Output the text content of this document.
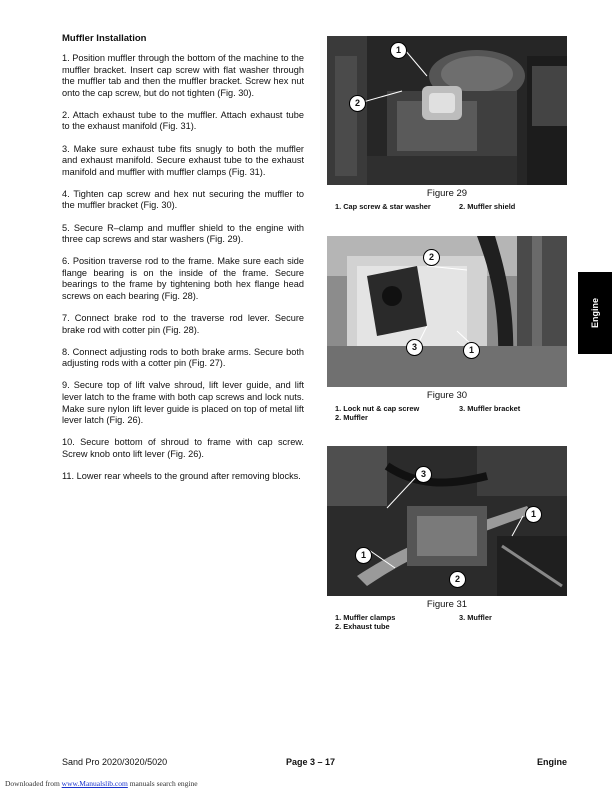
Muffler Installation

1. Position muffler through the bottom of the machine to the muffler bracket. Insert cap screw with flat washer through the muffler tab and then the muffler bracket. Screw hex nut onto the cap screw, but do not tighten (Fig. 30).

2. Attach exhaust tube to the muffler. Attach exhaust tube to the exhaust manifold (Fig. 31).

3. Make sure exhaust tube fits snugly to both the muffler and exhaust manifold. Secure exhaust tube to the exhaust manifold and muffler with muffler clamps (Fig. 31).

4. Tighten cap screw and hex nut securing the muffler to the muffler bracket (Fig. 30).

5. Secure R–clamp and muffler shield to the engine with three cap screws and star washers (Fig. 29).

6. Position traverse rod to the frame. Make sure each side flange bearing is on the inside of the frame. Secure bearings to the frame by tightening both hex flange head screws on each bearing (Fig. 28).

7. Connect brake rod to the traverse rod lever. Secure brake rod with cotter pin (Fig. 28).

8. Connect adjusting rods to both brake arms. Secure both adjusting rods with a cotter pin (Fig. 27).

9. Secure top of lift valve shroud, lift lever guide, and lift lever latch to the frame with both cap screws and lock nuts. Make sure nylon lift lever guide is placed on top of metal lift lever latch (Fig. 26).

10. Secure bottom of shroud to frame with cap screw. Screw knob onto lift lever (Fig. 26).

11. Lower rear wheels to the ground after removing blocks.

1
2
Figure 29
1. Cap screw & star washer	2. Muffler shield
2
3	1
Figure 30
1. Lock nut & cap screw	3. Muffler bracket
2. Muffler
3
1
1
2
Figure 31
1. Muffler clamps	3. Muffler
2. Exhaust tube
Engine
Sand Pro 2020/3020/5020	Page 3 – 17	Engine
Downloaded from www.Manualslib.com manuals search engine
